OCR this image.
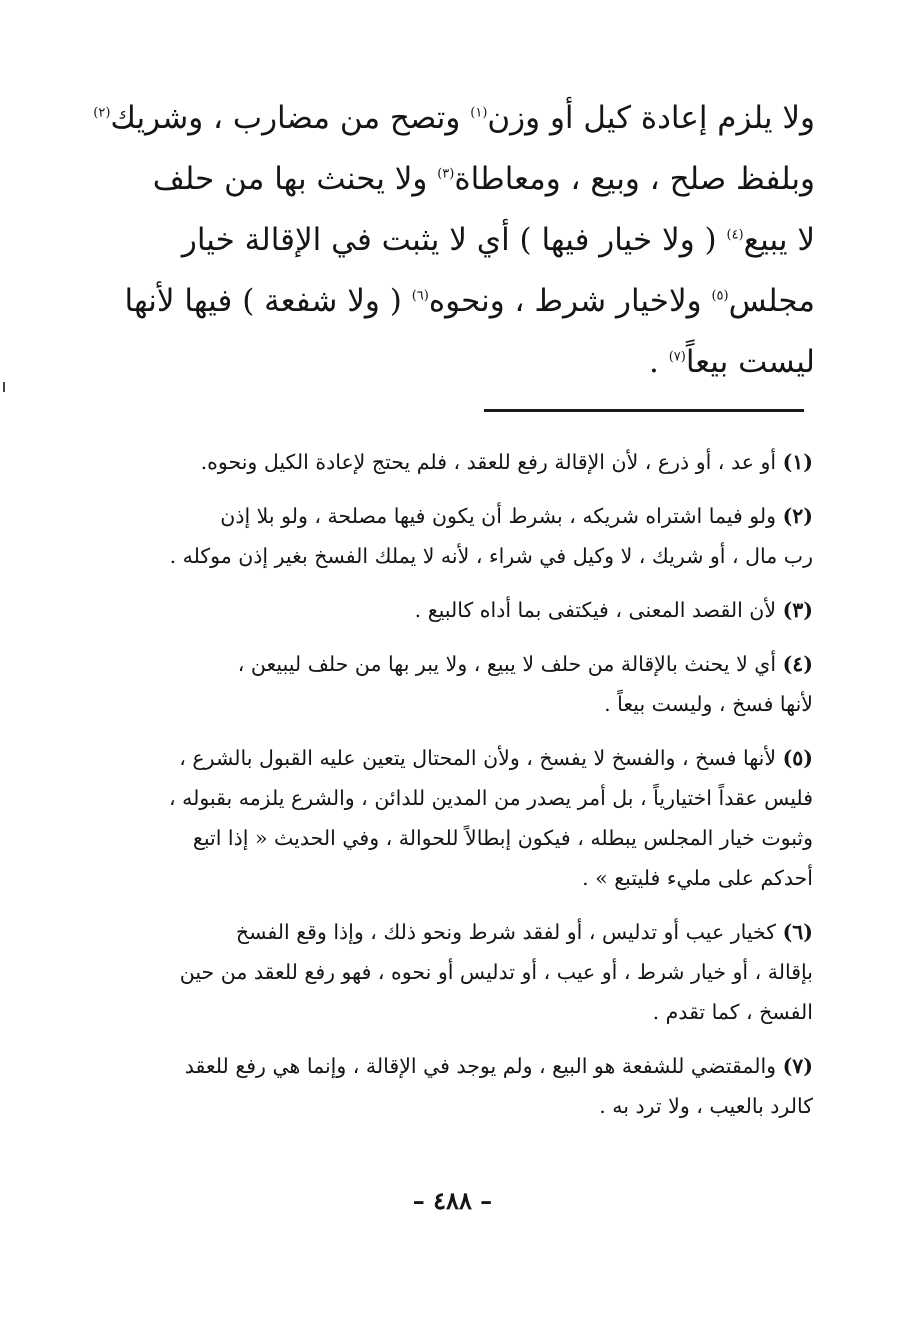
ولا يلزم إعادة كيل أو وزن$^{(١)}$ وتصح من مضارب ، وشريك$^{(٢)}$
وبلفظ صلح ، وبيع ، ومعاطاة$^{(٣)}$ ولا يحنث بها من حلف
لا يبيع$^{(٤)}$ ( ولا خيار فيها ) أي لا يثبت في الإقالة خيار
مجلس$^{(٥)}$ ولاخيار شرط ، ونحوه$^{(٦)}$ ( ولا شفعة ) فيها لأنها
ليست بيعاً$^{(٧)}$ .
(١) أو عد ، أو ذرع ، لأن الإقالة رفع للعقد ، فلم يحتج لإعادة الكيل ونحوه.
(٢) ولو فيما اشتراه شريكه ، بشرط أن يكون فيها مصلحة ، ولو بلا إذن
رب مال ، أو شريك ، لا وكيل في شراء ، لأنه لا يملك الفسخ بغير إذن موكله .
(٣) لأن القصد المعنى ، فيكتفى بما أداه كالبيع .
(٤) أي لا يحنث بالإقالة من حلف لا يبيع ، ولا يبر بها من حلف ليبيعن ،
لأنها فسخ ، وليست بيعاً .
(٥) لأنها فسخ ، والفسخ لا يفسخ ، ولأن المحتال يتعين عليه القبول بالشرع ،
فليس عقداً اختيارياً ، بل أمر يصدر من المدين للدائن ، والشرع يلزمه بقبوله ،
وثبوت خيار المجلس يبطله ، فيكون إبطالاً للحوالة ، وفي الحديث « إذا اتبع
أحدكم على مليء فليتبع » .
(٦) كخيار عيب أو تدليس ، أو لفقد شرط ونحو ذلك ، وإذا وقع الفسخ
بإقالة ، أو خيار شرط ، أو عيب ، أو تدليس أو نحوه ، فهو رفع للعقد من حين
الفسخ ، كما تقدم .
(٧) والمقتضي للشفعة هو البيع ، ولم يوجد في الإقالة ، وإنما هي رفع للعقد
كالرد بالعيب ، ولا ترد به .
– ٤٨٨ –
